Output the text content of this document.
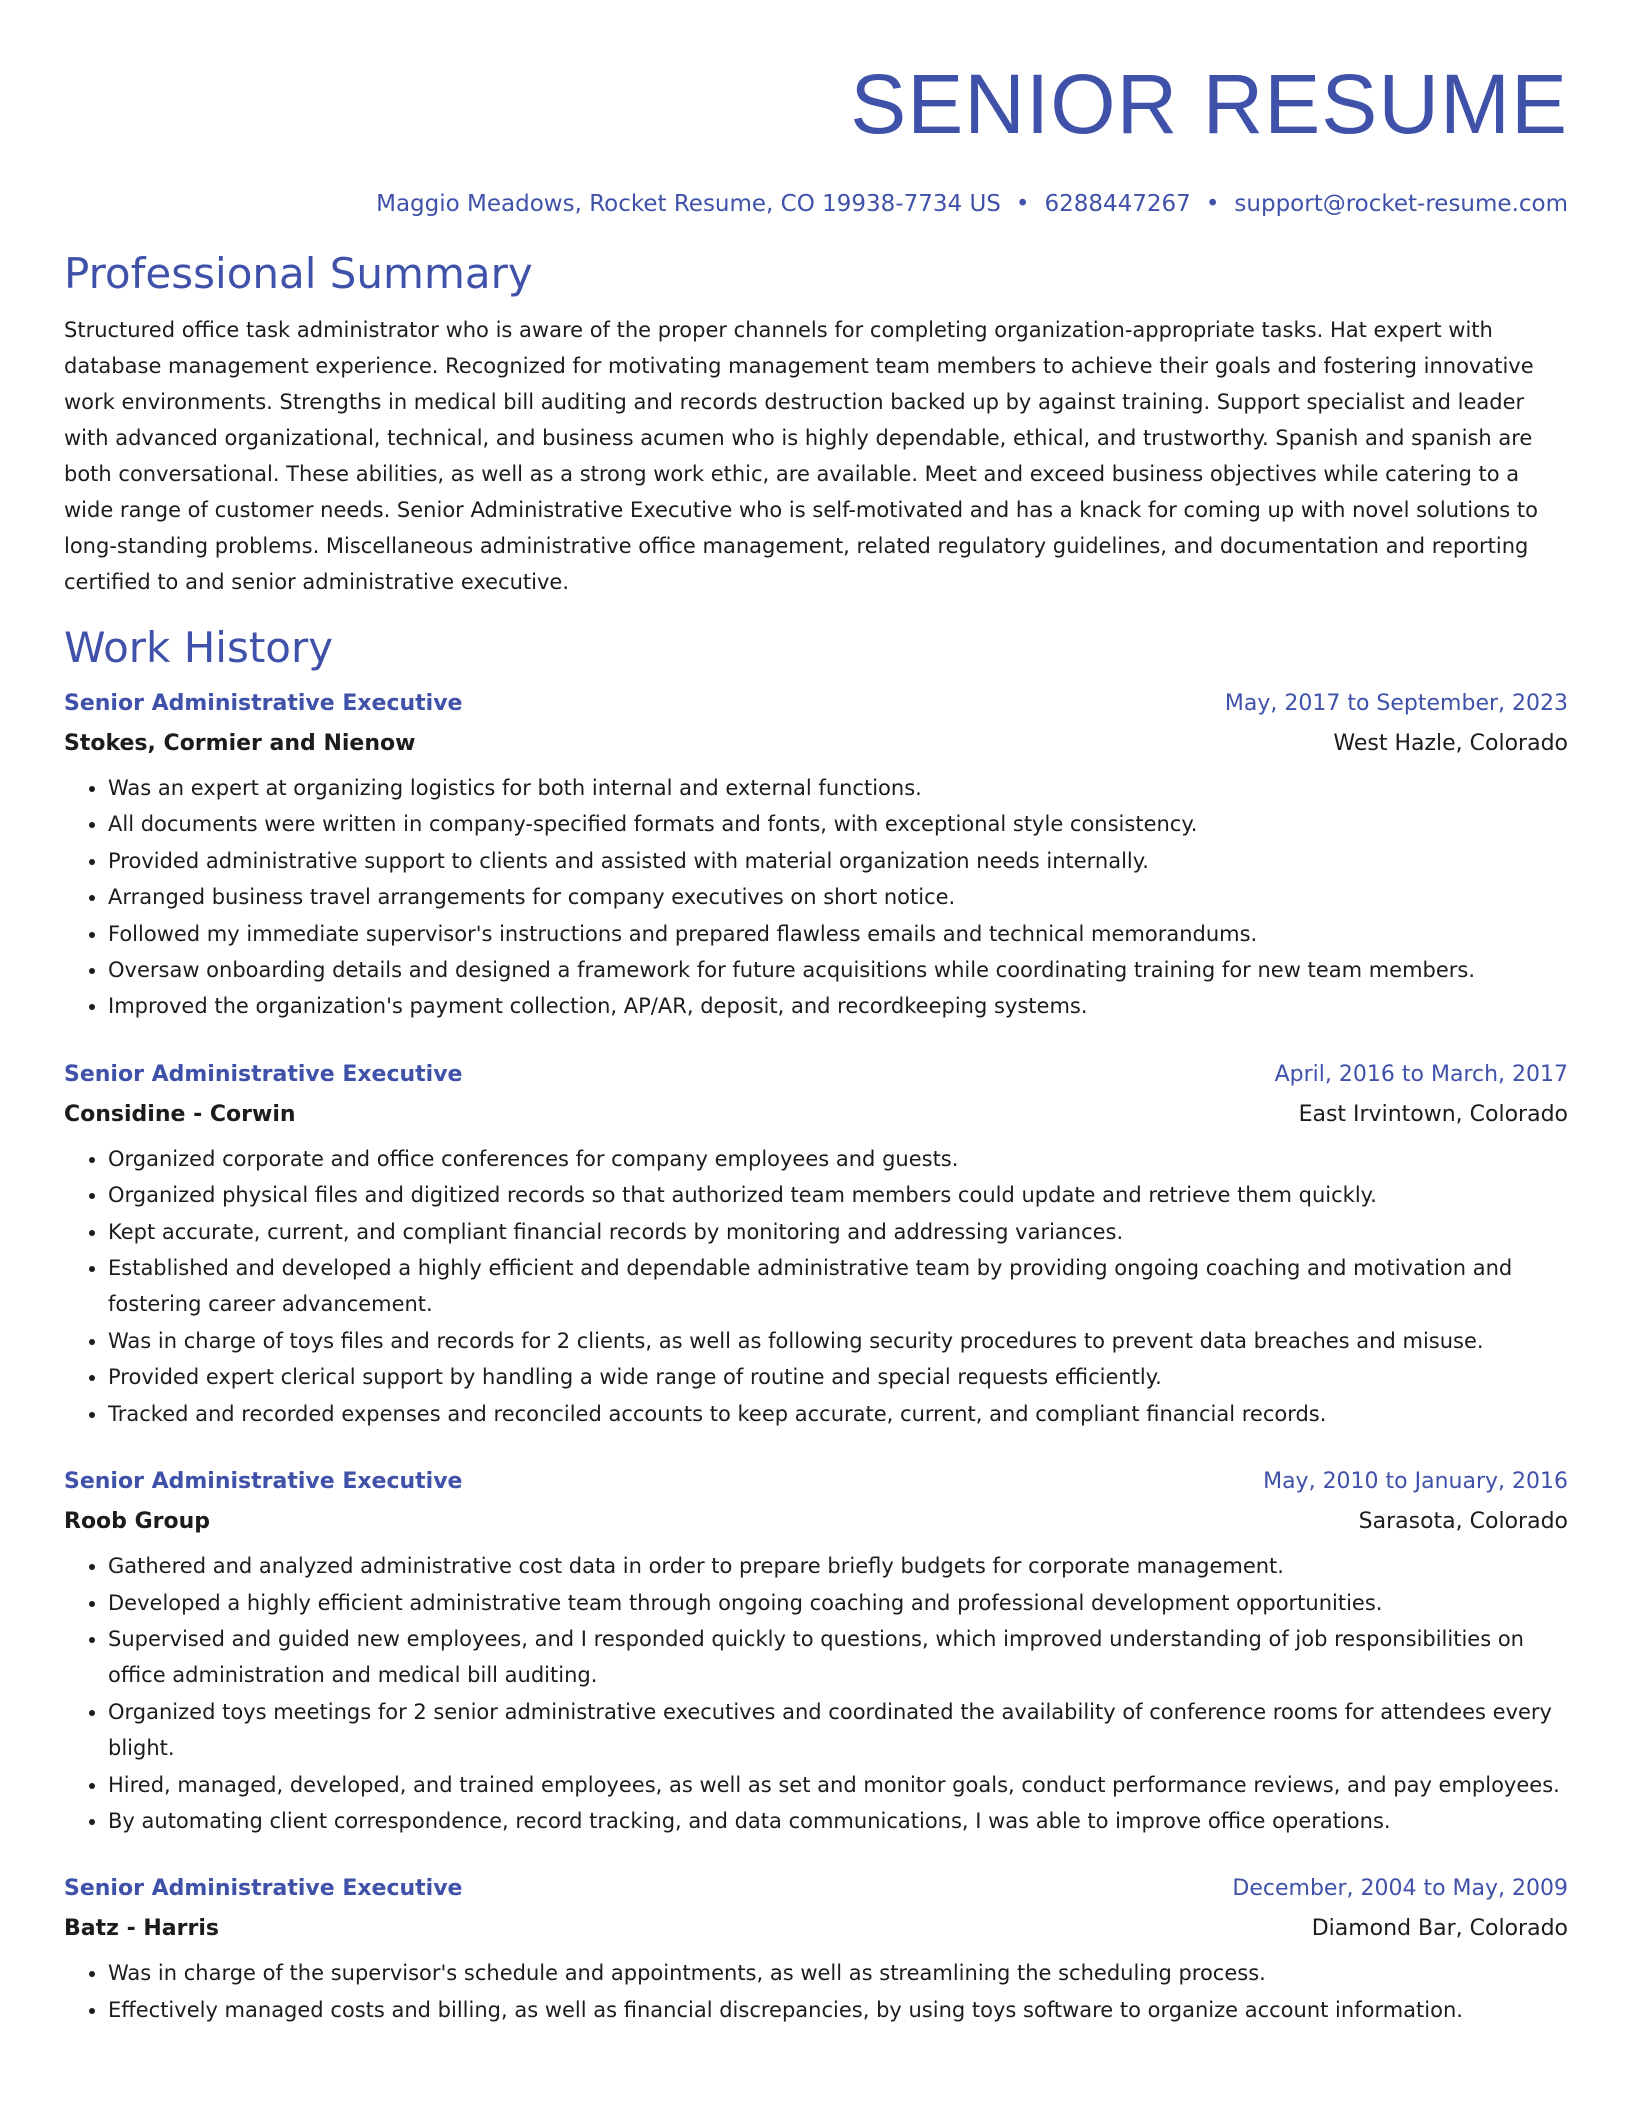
SENIOR RESUME
Maggio Meadows, Rocket Resume, CO 19938-7734 US • 6288447267 • support@rocket-resume.com
Professional Summary

Structured office task administrator who is aware of the proper channels for completing organization-appropriate tasks. Hat expert with database management experience. Recognized for motivating management team members to achieve their goals and fostering innovative work environments. Strengths in medical bill auditing and records destruction backed up by against training. Support specialist and leader with advanced organizational, technical, and business acumen who is highly dependable, ethical, and trustworthy. Spanish and spanish are both conversational. These abilities, as well as a strong work ethic, are available. Meet and exceed business objectives while catering to a wide range of customer needs. Senior Administrative Executive who is self-motivated and has a knack for coming up with novel solutions to long-standing problems. Miscellaneous administrative office management, related regulatory guidelines, and documentation and reporting certified to and senior administrative executive.

Work History
Senior Administrative Executive	May, 2017 to September, 2023
Stokes, Cormier and Nienow	West Hazle, Colorado
• Was an expert at organizing logistics for both internal and external functions.
• All documents were written in company-specified formats and fonts, with exceptional style consistency.
• Provided administrative support to clients and assisted with material organization needs internally.
• Arranged business travel arrangements for company executives on short notice.
• Followed my immediate supervisor's instructions and prepared flawless emails and technical memorandums.
• Oversaw onboarding details and designed a framework for future acquisitions while coordinating training for new team members.
• Improved the organization's payment collection, AP/AR, deposit, and recordkeeping systems.
Senior Administrative Executive	April, 2016 to March, 2017
Considine - Corwin	East Irvintown, Colorado
• Organized corporate and office conferences for company employees and guests.
• Organized physical files and digitized records so that authorized team members could update and retrieve them quickly.
• Kept accurate, current, and compliant financial records by monitoring and addressing variances.
• Established and developed a highly efficient and dependable administrative team by providing ongoing coaching and motivation and fostering career advancement.
• Was in charge of toys files and records for 2 clients, as well as following security procedures to prevent data breaches and misuse.
• Provided expert clerical support by handling a wide range of routine and special requests efficiently.
• Tracked and recorded expenses and reconciled accounts to keep accurate, current, and compliant financial records.
Senior Administrative Executive	May, 2010 to January, 2016
Roob Group	Sarasota, Colorado
• Gathered and analyzed administrative cost data in order to prepare briefly budgets for corporate management.
• Developed a highly efficient administrative team through ongoing coaching and professional development opportunities.
• Supervised and guided new employees, and I responded quickly to questions, which improved understanding of job responsibilities on office administration and medical bill auditing.
• Organized toys meetings for 2 senior administrative executives and coordinated the availability of conference rooms for attendees every blight.
• Hired, managed, developed, and trained employees, as well as set and monitor goals, conduct performance reviews, and pay employees.
• By automating client correspondence, record tracking, and data communications, I was able to improve office operations.
Senior Administrative Executive	December, 2004 to May, 2009
Batz - Harris	Diamond Bar, Colorado
• Was in charge of the supervisor's schedule and appointments, as well as streamlining the scheduling process.
• Effectively managed costs and billing, as well as financial discrepancies, by using toys software to organize account information.
